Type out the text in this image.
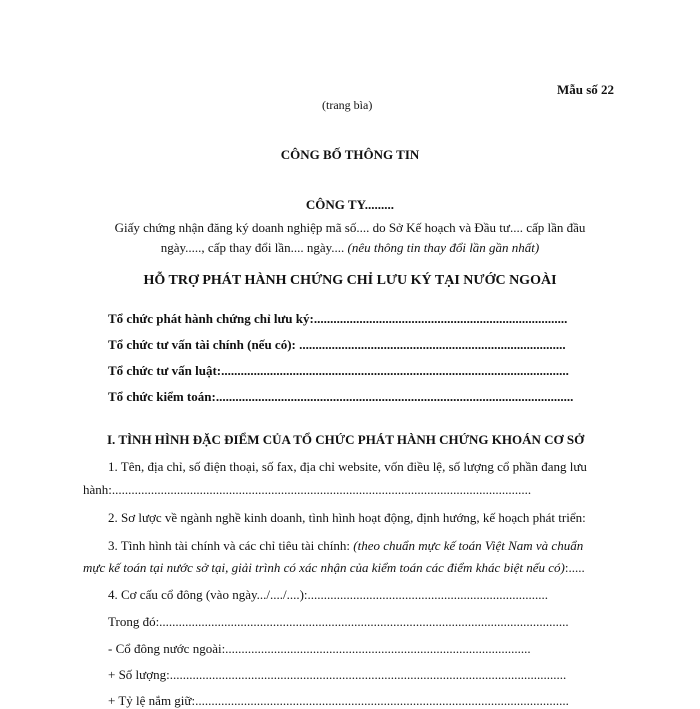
Mẫu số 22
(trang bìa)
CÔNG BỐ THÔNG TIN
CÔNG TY.........
Giấy chứng nhận đăng ký doanh nghiệp mã số.... do Sở Kế hoạch và Đầu tư.... cấp lần đầu
ngày....., cấp thay đổi lần.... ngày.... (nêu thông tin thay đổi lần gần nhất)
HỖ TRỢ PHÁT HÀNH CHỨNG CHỈ LƯU KÝ TẠI NƯỚC NGOÀI
Tổ chức phát hành chứng chỉ lưu ký:..............................................................................
Tổ chức tư vấn tài chính (nếu có): ..................................................................................
Tổ chức tư vấn luật:...........................................................................................................
Tổ chức kiểm toán:..............................................................................................................
I. TÌNH HÌNH ĐẶC ĐIỂM CỦA TỔ CHỨC PHÁT HÀNH CHỨNG KHOÁN CƠ SỞ
1. Tên, địa chỉ, số điện thoại, số fax, địa chỉ website, vốn điều lệ, số lượng cổ phần đang lưu
hành:.................................................................................................................................
2. Sơ lược về ngành nghề kinh doanh, tình hình hoạt động, định hướng, kế hoạch phát triển:
3. Tình hình tài chính và các chỉ tiêu tài chính: (theo chuẩn mực kế toán Việt Nam và chuẩn
mực kế toán tại nước sở tại, giải trình có xác nhận của kiểm toán các điểm khác biệt nếu có):.....
4. Cơ cấu cổ đông (vào ngày.../..../....):..........................................................................
Trong đó:..............................................................................................................................
- Cổ đông nước ngoài:..............................................................................................
+ Số lượng:..........................................................................................................................
+ Tỷ lệ nắm giữ:...................................................................................................................
